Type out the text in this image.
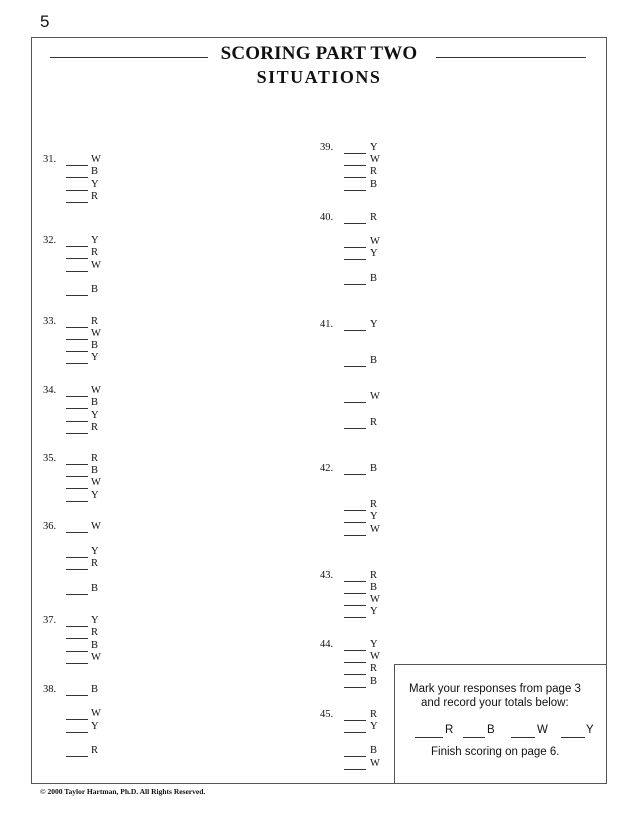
5
SCORING PART TWO
SITUATIONS
31.	W
B
Y
R
32.	Y
R
W
B
33.	R
W
B
Y
34.	W
B
Y
R
35.	R
B
W
Y
36.	W
Y
R
B
37.	Y
R
B
W
38.	B
W
Y
R
39.	Y
W
R
B
40.	R
W
Y
B
41.	Y
B
W
R
42.	B
R
Y
W
43.	R
B
W
Y
44.	Y
W
R
B
45.	R
Y
B
W
Mark your responses from page 3
and record your totals below:
R	B	W	Y
Finish scoring on page 6.
© 2000 Taylor Hartman, Ph.D. All Rights Reserved.
